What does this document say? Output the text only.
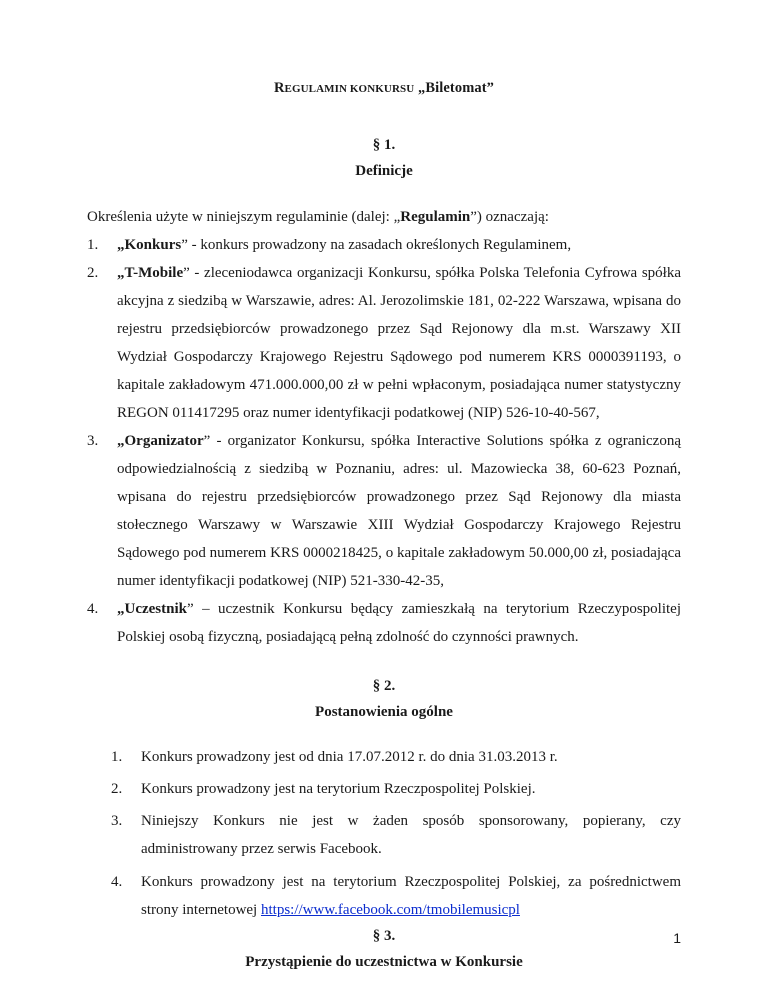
REGULAMIN KONKURSU „Biletomat”
§ 1.
Definicje
Określenia użyte w niniejszym regulaminie (dalej: „Regulamin”) oznaczają:
1. „Konkurs” - konkurs prowadzony na zasadach określonych Regulaminem,
2. „T-Mobile” - zleceniodawca organizacji Konkursu, spółka Polska Telefonia Cyfrowa spółka akcyjna z siedzibą w Warszawie, adres: Al. Jerozolimskie 181, 02-222 Warszawa, wpisana do rejestru przedsiębiorców prowadzonego przez Sąd Rejonowy dla m.st. Warszawy XII Wydział Gospodarczy Krajowego Rejestru Sądowego pod numerem KRS 0000391193, o kapitale zakładowym 471.000.000,00 zł w pełni wpłaconym, posiadająca numer statystyczny REGON 011417295 oraz numer identyfikacji podatkowej (NIP) 526-10-40-567,
3. „Organizator” - organizator Konkursu, spółka Interactive Solutions spółka z ograniczoną odpowiedzialnością z siedzibą w Poznaniu, adres: ul. Mazowiecka 38, 60-623 Poznań, wpisana do rejestru przedsiębiorców prowadzonego przez Sąd Rejonowy dla miasta stołecznego Warszawy w Warszawie XIII Wydział Gospodarczy Krajowego Rejestru Sądowego pod numerem KRS 0000218425, o kapitale zakładowym 50.000,00 zł, posiadająca numer identyfikacji podatkowej (NIP) 521-330-42-35,
4. „Uczestnik” – uczestnik Konkursu będący zamieszkałą na terytorium Rzeczypospolitej Polskiej osobą fizyczną, posiadającą pełną zdolność do czynności prawnych.
§ 2.
Postanowienia ogólne
1. Konkurs prowadzony jest od dnia 17.07.2012 r. do dnia 31.03.2013 r.
2. Konkurs prowadzony jest na terytorium Rzeczpospolitej Polskiej.
3. Niniejszy Konkurs nie jest w żaden sposób sponsorowany, popierany, czy administrowany przez serwis Facebook.
4. Konkurs prowadzony jest na terytorium Rzeczpospolitej Polskiej, za pośrednictwem strony internetowej https://www.facebook.com/tmobilemusicpl
§ 3.
Przystąpienie do uczestnictwa w Konkursie
1
